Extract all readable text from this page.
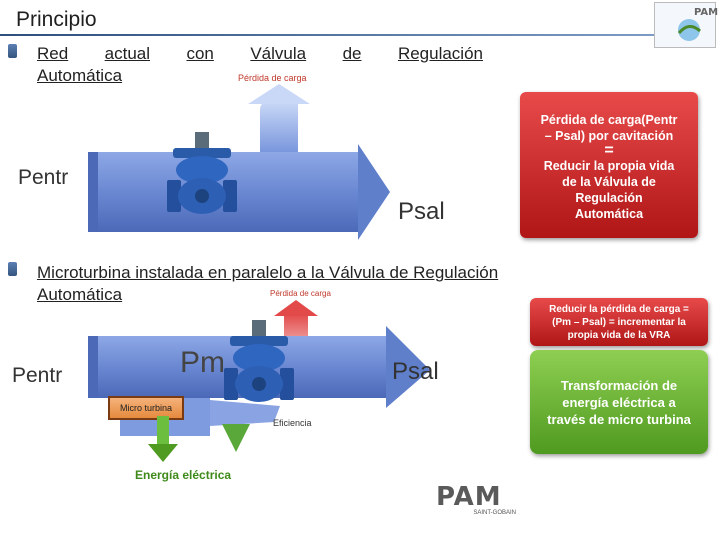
Principio	PAM
Red actual con Válvula de Regulación
Automática	Pérdida de carga
Pentr
Psal
Pérdida de carga(Pentr
– Psal) por cavitación
=
Reducir la propia vida
de la Válvula de
Regulación
Automática
Microturbina instalada en paralelo a la Válvula de Regulación
Automática	Pérdida de carga
Pentr	Pm	Psal
Micro turbina
Eficiencia
Energía eléctrica
Reducir la pérdida de carga =
(Pm – Psal) = incrementar la
propia vida de la VRA
Transformación de
energía eléctrica a
través de micro turbina
PAM
SAINT-GOBAIN
